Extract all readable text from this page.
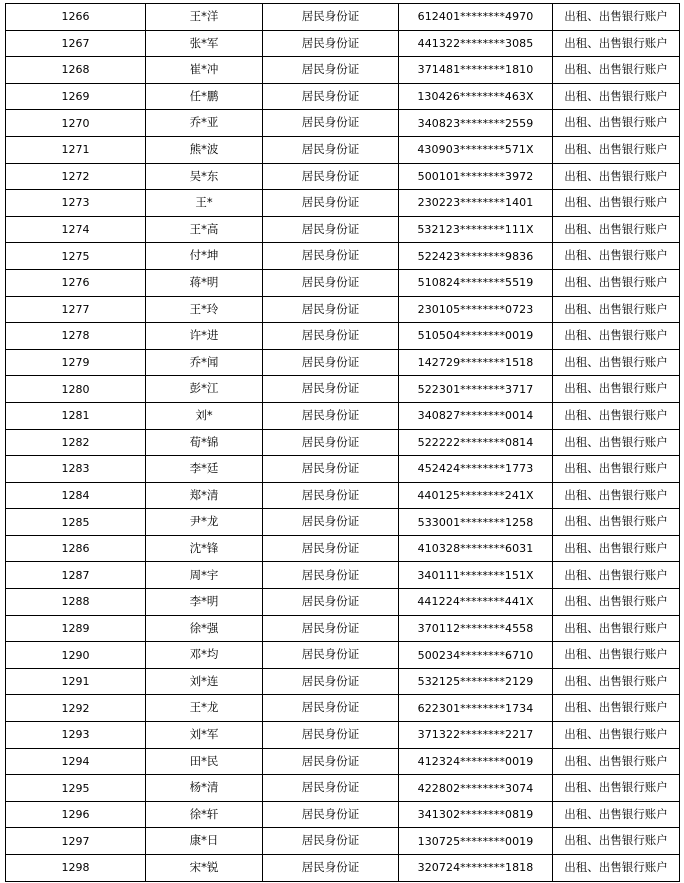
1266	王*洋	居民身份证	612401********4970	出租、出售银行账户
1267	张*军	居民身份证	441322********3085	出租、出售银行账户
1268	崔*冲	居民身份证	371481********1810	出租、出售银行账户
1269	任*鹏	居民身份证	130426********463X	出租、出售银行账户
1270	乔*亚	居民身份证	340823********2559	出租、出售银行账户
1271	熊*波	居民身份证	430903********571X	出租、出售银行账户
1272	吴*东	居民身份证	500101********3972	出租、出售银行账户
1273	王*	居民身份证	230223********1401	出租、出售银行账户
1274	王*高	居民身份证	532123********111X	出租、出售银行账户
1275	付*坤	居民身份证	522423********9836	出租、出售银行账户
1276	蒋*明	居民身份证	510824********5519	出租、出售银行账户
1277	王*玲	居民身份证	230105********0723	出租、出售银行账户
1278	许*进	居民身份证	510504********0019	出租、出售银行账户
1279	乔*闻	居民身份证	142729********1518	出租、出售银行账户
1280	彭*江	居民身份证	522301********3717	出租、出售银行账户
1281	刘*	居民身份证	340827********0014	出租、出售银行账户
1282	荀*锦	居民身份证	522222********0814	出租、出售银行账户
1283	李*廷	居民身份证	452424********1773	出租、出售银行账户
1284	郑*清	居民身份证	440125********241X	出租、出售银行账户
1285	尹*龙	居民身份证	533001********1258	出租、出售银行账户
1286	沈*锋	居民身份证	410328********6031	出租、出售银行账户
1287	周*宇	居民身份证	340111********151X	出租、出售银行账户
1288	李*明	居民身份证	441224********441X	出租、出售银行账户
1289	徐*强	居民身份证	370112********4558	出租、出售银行账户
1290	邓*均	居民身份证	500234********6710	出租、出售银行账户
1291	刘*连	居民身份证	532125********2129	出租、出售银行账户
1292	王*龙	居民身份证	622301********1734	出租、出售银行账户
1293	刘*军	居民身份证	371322********2217	出租、出售银行账户
1294	田*民	居民身份证	412324********0019	出租、出售银行账户
1295	杨*清	居民身份证	422802********3074	出租、出售银行账户
1296	徐*轩	居民身份证	341302********0819	出租、出售银行账户
1297	康*日	居民身份证	130725********0019	出租、出售银行账户
1298	宋*锐	居民身份证	320724********1818	出租、出售银行账户
